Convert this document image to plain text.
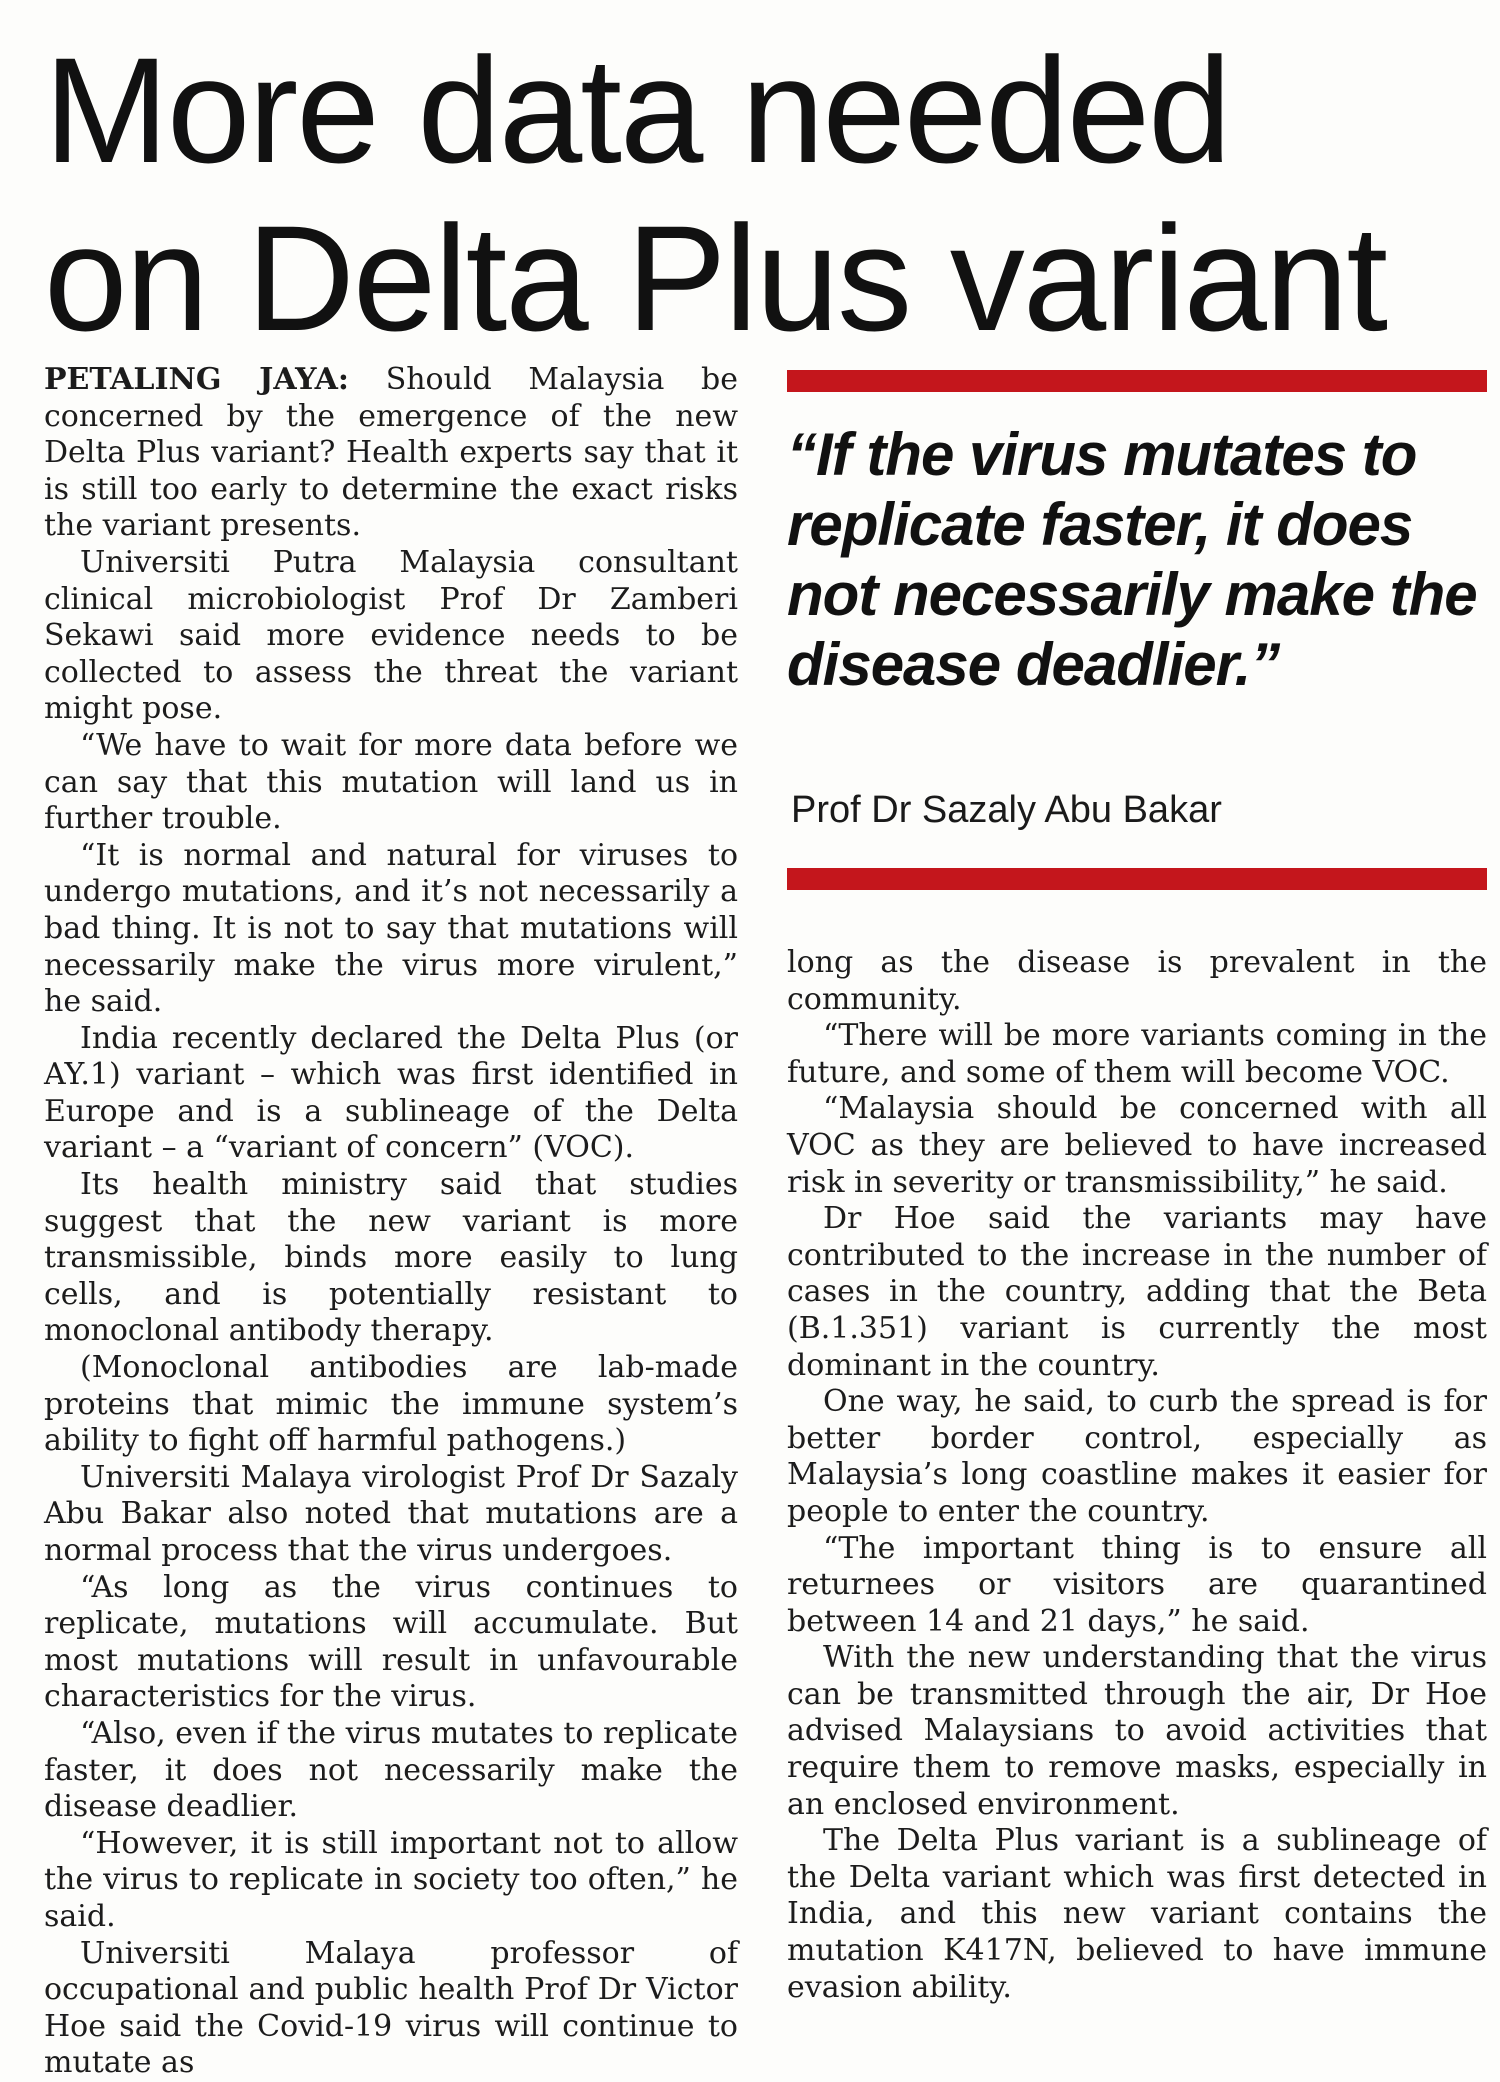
More data needed
on Delta Plus variant

PETALING JAYA: Should Malaysia be concerned by the emergence of the new Delta Plus variant? Health experts say that it is still too early to determine the exact risks the variant presents.

Universiti Putra Malaysia consultant clinical microbiologist Prof Dr Zamberi Sekawi said more evidence needs to be collected to assess the threat the variant might pose.

“We have to wait for more data before we can say that this mutation will land us in further trouble.

“It is normal and natural for viruses to undergo mutations, and it’s not necessarily a bad thing. It is not to say that mutations will necessarily make the virus more virulent,” he said.

India recently declared the Delta Plus (or AY.1) variant – which was first identified in Europe and is a sublineage of the Delta variant – a “variant of concern” (VOC).

Its health ministry said that studies suggest that the new variant is more transmissible, binds more easily to lung cells, and is potentially resistant to monoclonal antibody therapy.

(Monoclonal antibodies are lab-made proteins that mimic the immune system’s ability to fight off harmful pathogens.)

Universiti Malaya virologist Prof Dr Sazaly Abu Bakar also noted that mutations are a normal process that the virus undergoes.

“As long as the virus continues to replicate, mutations will accumulate. But most mutations will result in unfavourable characteristics for the virus.

“Also, even if the virus mutates to replicate faster, it does not necessarily make the disease deadlier.

“However, it is still important not to allow the virus to replicate in society too often,” he said.

Universiti Malaya professor of occupational and public health Prof Dr Victor Hoe said the Covid-19 virus will continue to mutate as

“If the virus mutates to replicate faster, it does not necessarily make the disease deadlier.”

Prof Dr Sazaly Abu Bakar

long as the disease is prevalent in the community.

“There will be more variants coming in the future, and some of them will become VOC.

“Malaysia should be concerned with all VOC as they are believed to have increased risk in severity or transmissibility,” he said.

Dr Hoe said the variants may have contributed to the increase in the number of cases in the country, adding that the Beta (B.1.351) variant is currently the most dominant in the country.

One way, he said, to curb the spread is for better border control, especially as Malaysia’s long coastline makes it easier for people to enter the country.

“The important thing is to ensure all returnees or visitors are quarantined between 14 and 21 days,” he said.

With the new understanding that the virus can be transmitted through the air, Dr Hoe advised Malaysians to avoid activities that require them to remove masks, especially in an enclosed environment.

The Delta Plus variant is a sublineage of the Delta variant which was first detected in India, and this new variant contains the mutation K417N, believed to have immune evasion ability.
